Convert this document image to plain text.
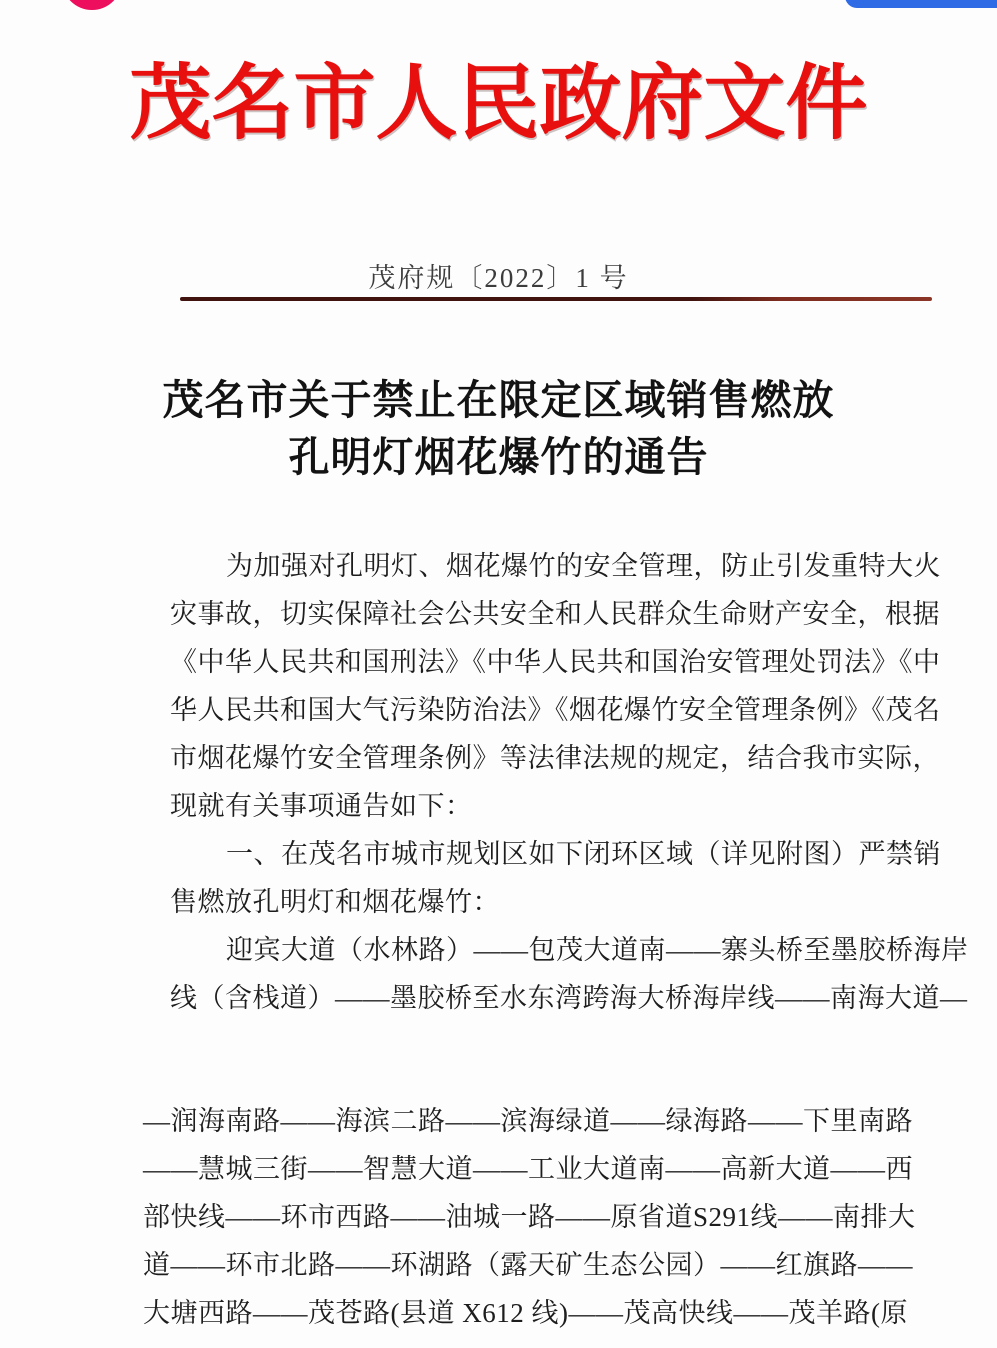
茂名市人民政府文件
茂府规〔2022〕1 号
茂名市关于禁止在限定区域销售燃放
孔明灯烟花爆竹的通告
为加强对孔明灯、烟花爆竹的安全管理，防止引发重特大火
灾事故，切实保障社会公共安全和人民群众生命财产安全，根据
《中华人民共和国刑法》《中华人民共和国治安管理处罚法》《中
华人民共和国大气污染防治法》《烟花爆竹安全管理条例》《茂名
市烟花爆竹安全管理条例》等法律法规的规定，结合我市实际，
现就有关事项通告如下：
一、在茂名市城市规划区如下闭环区域（详见附图）严禁销
售燃放孔明灯和烟花爆竹：
迎宾大道（水林路）——包茂大道南——寨头桥至墨胶桥海岸
线（含栈道）——墨胶桥至水东湾跨海大桥海岸线——南海大道—
—润海南路——海滨二路——滨海绿道——绿海路——下里南路
——慧城三街——智慧大道——工业大道南——高新大道——西
部快线——环市西路——油城一路——原省道S291线——南排大
道——环市北路——环湖路（露天矿生态公园）——红旗路——
大塘西路——茂苍路(县道 X612 线)——茂高快线——茂羊路(原
